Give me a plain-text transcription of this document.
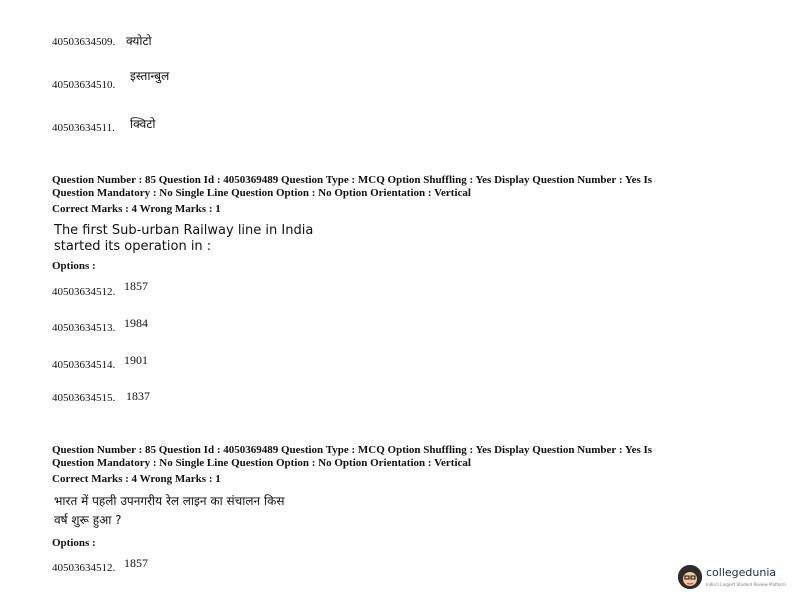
40503634509. क्योटो
40503634510.
इस्तान्बुल
40503634511. क्विटो
Question Number : 85 Question Id : 4050369489 Question Type : MCQ Option Shuffling : Yes Display Question Number : Yes Is
Question Mandatory : No Single Line Question Option : No Option Orientation : Vertical
Correct Marks : 4 Wrong Marks : 1
The first Sub-urban Railway line in India
started its operation in :
Options :
40503634512. 1857
40503634513. 1984
40503634514. 1901
40503634515. 1837
Question Number : 85 Question Id : 4050369489 Question Type : MCQ Option Shuffling : Yes Display Question Number : Yes Is
Question Mandatory : No Single Line Question Option : No Option Orientation : Vertical
Correct Marks : 4 Wrong Marks : 1
भारत में पहली उपनगरीय रेल लाइन का संचालन किस
वर्ष शुरू हुआ ?
Options :
40503634512. 1857
collegedunia
India's Largest Student Review Platform
